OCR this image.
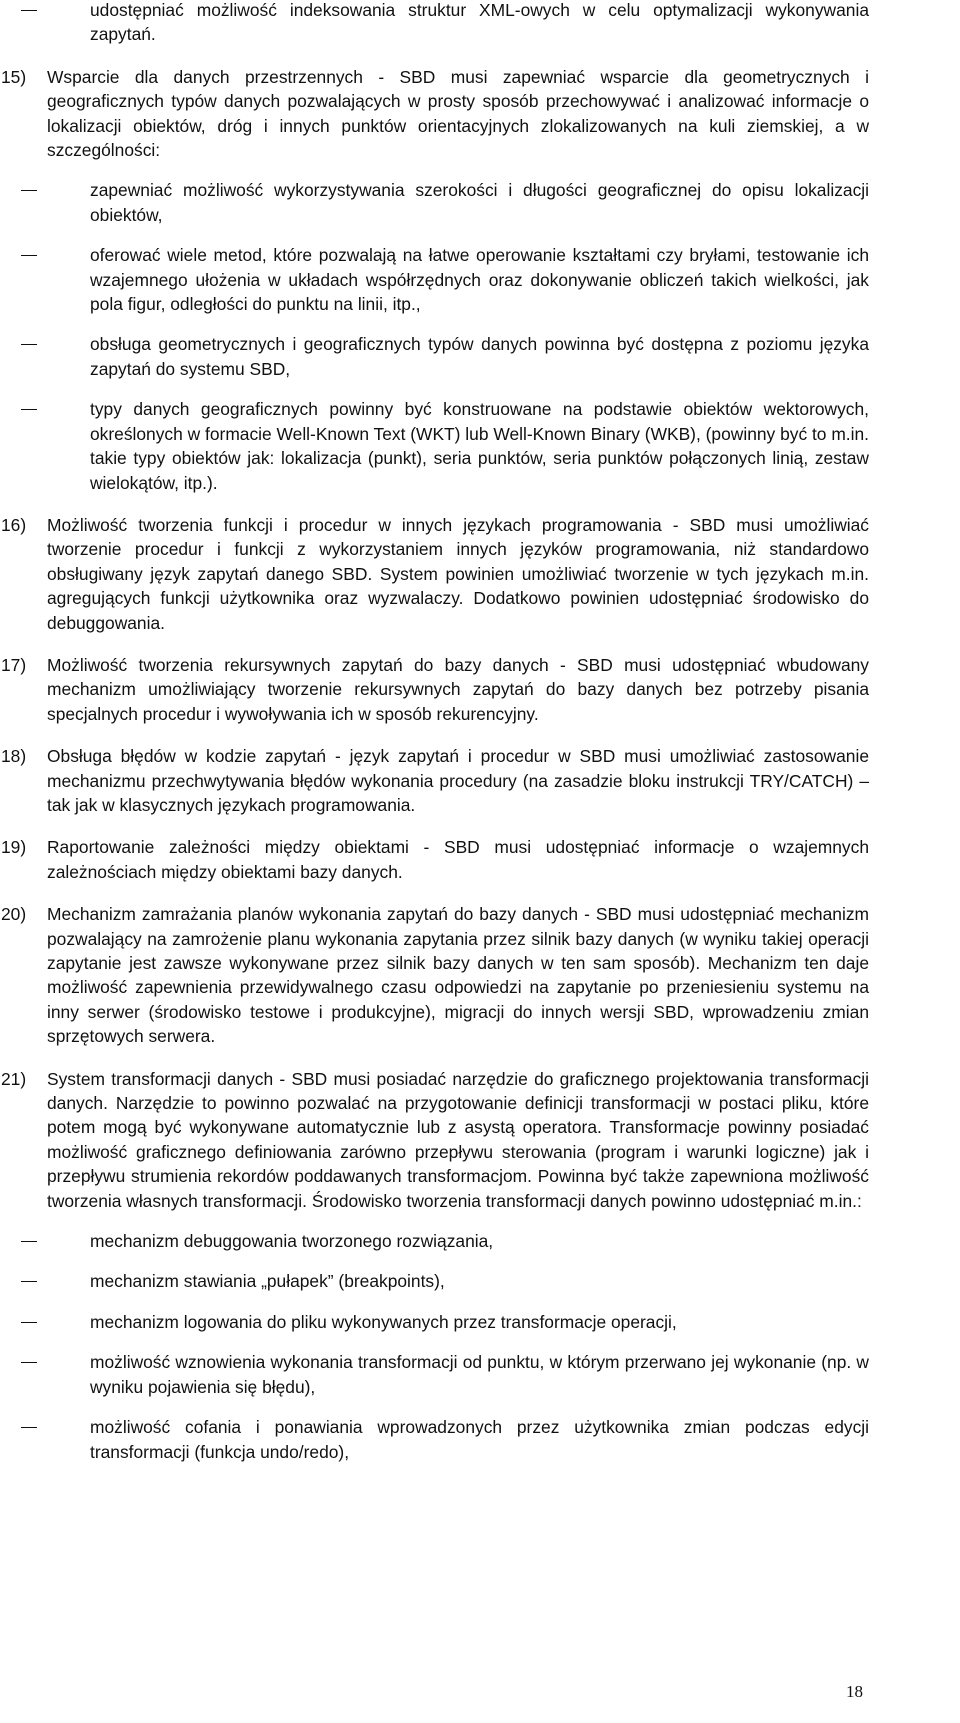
udostępniać możliwość indeksowania struktur XML-owych w celu optymalizacji wykonywania zapytań.
15) Wsparcie dla danych przestrzennych - SBD musi zapewniać wsparcie dla geometrycznych i geograficznych typów danych pozwalających w prosty sposób przechowywać i analizować informacje o lokalizacji obiektów, dróg i innych punktów orientacyjnych zlokalizowanych na kuli ziemskiej, a w szczególności:
zapewniać możliwość wykorzystywania szerokości i długości geograficznej do opisu lokalizacji obiektów,
oferować wiele metod, które pozwalają na łatwe operowanie kształtami czy bryłami, testowanie ich wzajemnego ułożenia w układach współrzędnych oraz dokonywanie obliczeń takich wielkości, jak pola figur, odległości do punktu na linii, itp.,
obsługa geometrycznych i geograficznych typów danych powinna być dostępna z poziomu języka zapytań do systemu SBD,
typy danych geograficznych powinny być konstruowane na podstawie obiektów wektorowych, określonych w formacie Well-Known Text (WKT) lub Well-Known Binary (WKB), (powinny być to m.in. takie typy obiektów jak: lokalizacja (punkt), seria punktów, seria punktów połączonych linią, zestaw wielokątów, itp.).
16) Możliwość tworzenia funkcji i procedur w innych językach programowania - SBD musi umożliwiać tworzenie procedur i funkcji z wykorzystaniem innych języków programowania, niż standardowo obsługiwany język zapytań danego SBD. System powinien umożliwiać tworzenie w tych językach m.in. agregujących funkcji użytkownika oraz wyzwalaczy. Dodatkowo powinien udostępniać środowisko do debuggowania.
17) Możliwość tworzenia rekursywnych zapytań do bazy danych - SBD musi udostępniać wbudowany mechanizm umożliwiający tworzenie rekursywnych zapytań do bazy danych bez potrzeby pisania specjalnych procedur i wywoływania ich w sposób rekurencyjny.
18) Obsługa błędów w kodzie zapytań - język zapytań i procedur w SBD musi umożliwiać zastosowanie mechanizmu przechwytywania błędów wykonania procedury (na zasadzie bloku instrukcji TRY/CATCH) – tak jak w klasycznych językach programowania.
19) Raportowanie zależności między obiektami - SBD musi udostępniać informacje o wzajemnych zależnościach między obiektami bazy danych.
20) Mechanizm zamrażania planów wykonania zapytań do bazy danych - SBD musi udostępniać mechanizm pozwalający na zamrożenie planu wykonania zapytania przez silnik bazy danych (w wyniku takiej operacji zapytanie jest zawsze wykonywane przez silnik bazy danych w ten sam sposób). Mechanizm ten daje możliwość zapewnienia przewidywalnego czasu odpowiedzi na zapytanie po przeniesieniu systemu na inny serwer (środowisko testowe i produkcyjne), migracji do innych wersji SBD, wprowadzeniu zmian sprzętowych serwera.
21) System transformacji danych - SBD musi posiadać narzędzie do graficznego projektowania transformacji danych. Narzędzie to powinno pozwalać na przygotowanie definicji transformacji w postaci pliku, które potem mogą być wykonywane automatycznie lub z asystą operatora. Transformacje powinny posiadać możliwość graficznego definiowania zarówno przepływu sterowania (program i warunki logiczne) jak i przepływu strumienia rekordów poddawanych transformacjom. Powinna być także zapewniona możliwość tworzenia własnych transformacji. Środowisko tworzenia transformacji danych powinno udostępniać m.in.:
mechanizm debuggowania tworzonego rozwiązania,
mechanizm stawiania „pułapek” (breakpoints),
mechanizm logowania do pliku wykonywanych przez transformacje operacji,
możliwość wznowienia wykonania transformacji od punktu, w którym przerwano jej wykonanie (np. w wyniku pojawienia się błędu),
możliwość cofania i ponawiania wprowadzonych przez użytkownika zmian podczas edycji transformacji (funkcja undo/redo),
18
